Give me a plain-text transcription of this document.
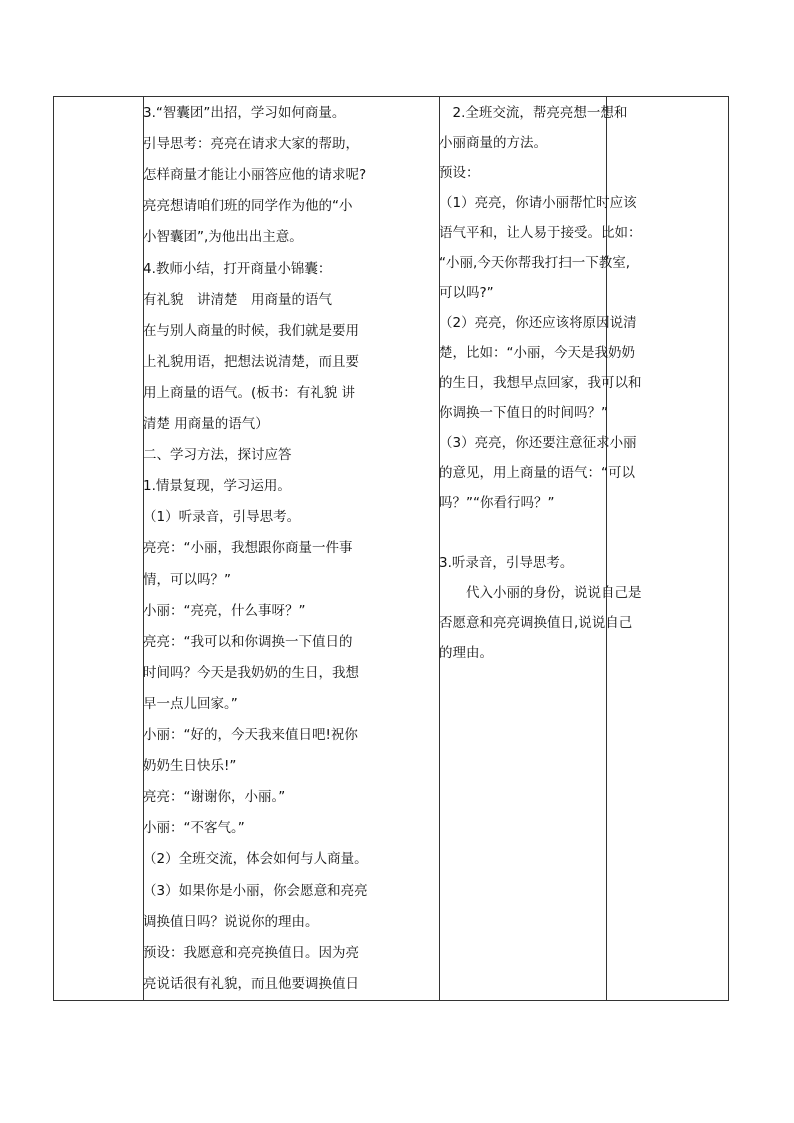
3.“智囊团”出招，学习如何商量。
引导思考：亮亮在请求大家的帮助，
怎样商量才能让小丽答应他的请求呢?
亮亮想请咱们班的同学作为他的“小
小智囊团”,为他出出主意。
4.教师小结，打开商量小锦囊：
有礼貌　讲清楚　用商量的语气
在与别人商量的时候，我们就是要用
上礼貌用语，把想法说清楚，而且要
用上商量的语气。(板书：有礼貌 讲
清楚 用商量的语气）
二、学习方法，探讨应答
1.情景复现，学习运用。
（1）听录音，引导思考。
亮亮：“小丽，我想跟你商量一件事
情，可以吗？”
小丽：“亮亮，什么事呀？”
亮亮：“我可以和你调换一下值日的
时间吗？今天是我奶奶的生日，我想
早一点儿回家。”
小丽：“好的，今天我来值日吧!祝你
奶奶生日快乐!”
亮亮：“谢谢你，小丽。”
小丽：“不客气。”
（2）全班交流，体会如何与人商量。
（3）如果你是小丽，你会愿意和亮亮
调换值日吗？说说你的理由。
预设：我愿意和亮亮换值日。因为亮
亮说话很有礼貌，而且他要调换值日
　2.全班交流，帮亮亮想一想和
小丽商量的方法。
预设：
（1）亮亮，你请小丽帮忙时应该
语气平和，让人易于接受。比如：
“小丽,今天你帮我打扫一下教室,
可以吗?”
（2）亮亮，你还应该将原因说清
楚，比如：“小丽，今天是我奶奶
的生日，我想早点回家，我可以和
你调换一下值日的时间吗？”
（3）亮亮，你还要注意征求小丽
的意见，用上商量的语气：“可以
吗？”“你看行吗？”
3.听录音，引导思考。
　　代入小丽的身份，说说自己是
否愿意和亮亮调换值日,说说自己
的理由。
